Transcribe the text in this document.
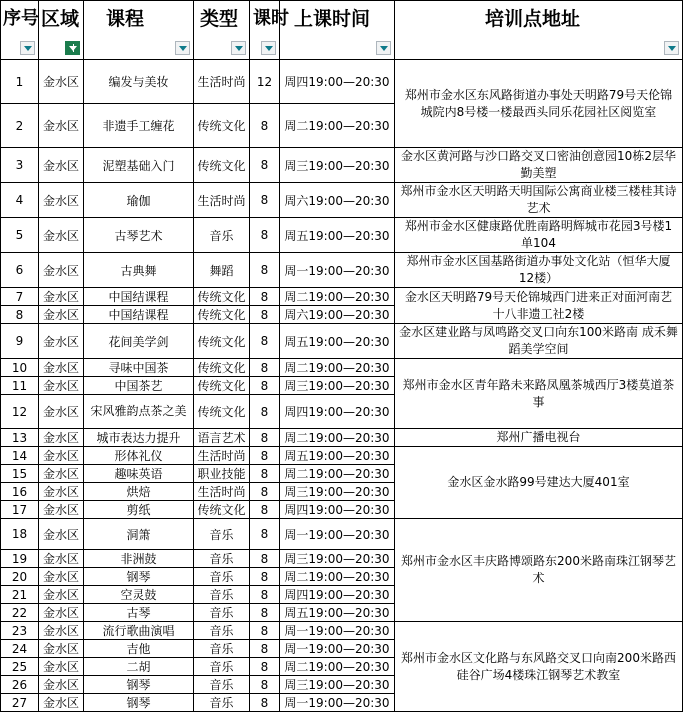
序号	区域	课程	类型	课时	上课时间	培训点地址

1	金水区	编发与美妆	生活时尚	12	周四19:00—20:30	郑州市金水区东风路街道办事处天明路79号天伦锦城院内8号楼一楼最西头同乐花园社区阅览室
2	金水区	非遗手工缠花	传统文化	8	周二19:00—20:30	
3	金水区	泥塑基础入门	传统文化	8	周三19:00—20:30	金水区黄河路与沙口路交叉口密油创意园10栋2层华勤美塑
4	金水区	瑜伽	生活时尚	8	周六19:00—20:30	郑州市金水区天明路天明国际公寓商业楼三楼桂其诗艺术
5	金水区	古琴艺术	音乐	8	周五19:00—20:30	郑州市金水区健康路优胜南路明辉城市花园3号楼1单104
6	金水区	古典舞	舞蹈	8	周一19:00—20:30	郑州市金水区国基路街道办事处文化站（恒华大厦12楼）
7	金水区	中国结课程	传统文化	8	周二19:00—20:30	金水区天明路79号天伦锦城西门进来正对面河南艺十八非遗工社2楼
8	金水区	中国结课程	传统文化	8	周六19:00—20:30	
9	金水区	花间美学剑	传统文化	8	周五19:00—20:30	金水区建业路与凤鸣路交叉口向东100米路南 成禾舞蹈美学空间
10	金水区	寻味中国茶	传统文化	8	周二19:00—20:30	郑州市金水区青年路未来路凤凰茶城西厅3楼莫道茶事
11	金水区	中国茶艺	传统文化	8	周三19:00—20:30	
12	金水区	宋风雅韵点茶之美	传统文化	8	周四19:00—20:30	
13	金水区	城市表达力提升	语言艺术	8	周二19:00—20:30	郑州广播电视台
14	金水区	形体礼仪	生活时尚	8	周五19:00—20:30	金水区金水路99号建达大厦401室
15	金水区	趣味英语	职业技能	8	周二19:00—20:30	
16	金水区	烘焙	生活时尚	8	周三19:00—20:30	
17	金水区	剪纸	传统文化	8	周四19:00—20:30	
18	金水区	洞箫	音乐	8	周一19:00—20:30	郑州市金水区丰庆路博颂路东200米路南珠江钢琴艺术
19	金水区	非洲鼓	音乐	8	周三19:00—20:30	
20	金水区	钢琴	音乐	8	周二19:00—20:30	
21	金水区	空灵鼓	音乐	8	周四19:00—20:30	
22	金水区	古琴	音乐	8	周五19:00—20:30	
23	金水区	流行歌曲演唱	音乐	8	周一19:00—20:30	郑州市金水区文化路与东风路交叉口向南200米路西硅谷广场4楼珠江钢琴艺术教室
24	金水区	吉他	音乐	8	周一19:00—20:30	
25	金水区	二胡	音乐	8	周二19:00—20:30	
26	金水区	钢琴	音乐	8	周三19:00—20:30	
27	金水区	钢琴	音乐	8	周一19:00—20:30	
